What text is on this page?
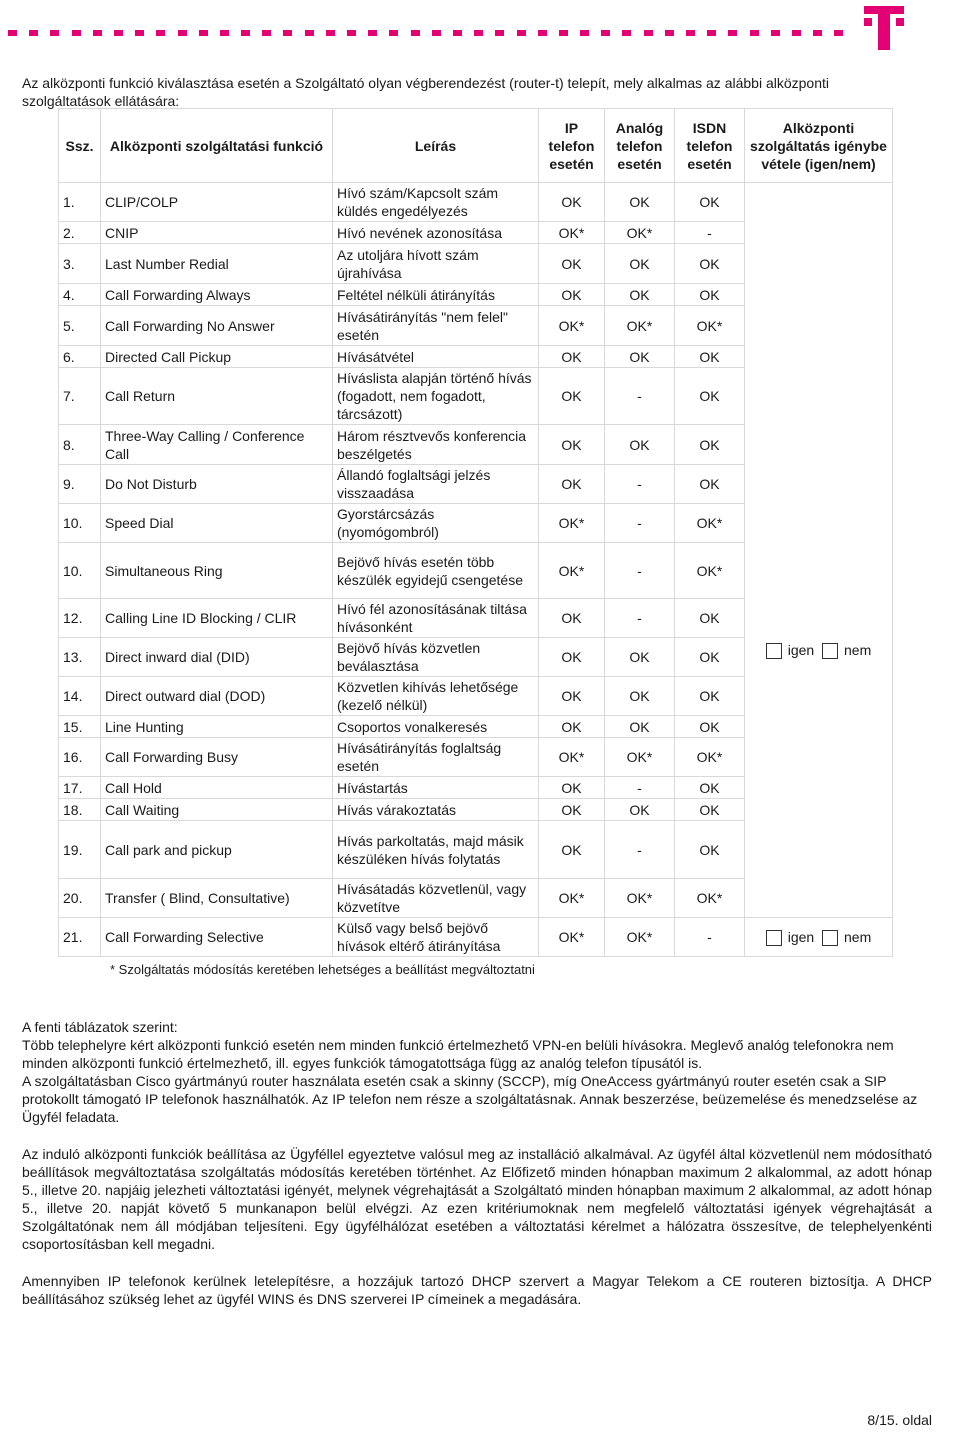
Az alközponti funkció kiválasztása esetén a Szolgáltató olyan végberendezést (router-t) telepít, mely alkalmas az alábbi alközponti szolgáltatások ellátására:
Ssz.	Alközponti szolgáltatási funkció	Leírás	IP telefon esetén	Analóg telefon esetén	ISDN telefon esetén	Alközponti szolgáltatás igénybe vétele (igen/nem)
1.	CLIP/COLP	Hívó szám/Kapcsolt szám küldés engedélyezés	OK	OK	OK	igen nem

2.	CNIP	Hívó nevének azonosítása	OK*	OK*	-	
3.	Last Number Redial	Az utoljára hívott szám újrahívása	OK	OK	OK	
4.	Call Forwarding Always	Feltétel nélküli átirányítás	OK	OK	OK	
5.	Call Forwarding No Answer	Hívásátirányítás "nem felel" esetén	OK*	OK*	OK*	
6.	Directed Call Pickup	Hívásátvétel	OK	OK	OK	
7.	Call Return	Híváslista alapján történő hívás (fogadott, nem fogadott, tárcsázott)	OK	-	OK	
8.	Three-Way Calling / Conference Call	Három résztvevős konferencia beszélgetés	OK	OK	OK	
9.	Do Not Disturb	Állandó foglaltsági jelzés visszaadása	OK	-	OK	
10.	Speed Dial	Gyorstárcsázás (nyomógombról)	OK*	-	OK*	
10.	Simultaneous Ring	Bejövő hívás esetén több készülék egyidejű csengetése	OK*	-	OK*	
12.	Calling Line ID Blocking / CLIR	Hívó fél azonosításának tiltása hívásonként	OK	-	OK	
13.	Direct inward dial (DID)	Bejövő hívás közvetlen beválasztása	OK	OK	OK	
14.	Direct outward dial (DOD)	Közvetlen kihívás lehetősége (kezelő nélkül)	OK	OK	OK	
15.	Line Hunting	Csoportos vonalkeresés	OK	OK	OK	
16.	Call Forwarding Busy	Hívásátirányítás foglaltság esetén	OK*	OK*	OK*	
17.	Call Hold	Hívástartás	OK	-	OK	
18.	Call Waiting	Hívás várakoztatás	OK	OK	OK	
19.	Call park and pickup	Hívás parkoltatás, majd másik készüléken hívás folytatás	OK	-	OK	
20.	Transfer ( Blind, Consultative)	Hívásátadás közvetlenül, vagy közvetítve	OK*	OK*	OK*	
21.	Call Forwarding Selective	Külső vagy belső bejövő hívások eltérő átirányítása	OK*	OK*	-	igen nem
* Szolgáltatás módosítás keretében lehetséges a beállítást megváltoztatni
A fenti táblázatok szerint:
Több telephelyre kért alközponti funkció esetén nem minden funkció értelmezhető VPN-en belüli hívásokra. Meglevő analóg telefonokra nem minden alközponti funkció értelmezhető, ill. egyes funkciók támogatottsága függ az analóg telefon típusától is.
A szolgáltatásban Cisco gyártmányú router használata esetén csak a skinny (SCCP), míg OneAccess gyártmányú router esetén csak a SIP protokollt támogató IP telefonok használhatók. Az IP telefon nem része a szolgáltatásnak. Annak beszerzése, beüzemelése és menedzselése az Ügyfél feladata.
Az induló alközponti funkciók beállítása az Ügyféllel egyeztetve valósul meg az installáció alkalmával. Az ügyfél által közvetlenül nem módosítható beállítások megváltoztatása szolgáltatás módosítás keretében történhet. Az Előfizető minden hónapban maximum 2 alkalommal, az adott hónap 5., illetve 20. napjáig jelezheti változtatási igényét, melynek végrehajtását a Szolgáltató minden hónapban maximum 2 alkalommal, az adott hónap 5., illetve 20. napját követő 5 munkanapon belül elvégzi. Az ezen kritériumoknak nem megfelelő változtatási igények végrehajtását a Szolgáltatónak nem áll módjában teljesíteni. Egy ügyfélhálózat esetében a változtatási kérelmet a hálózatra összesítve, de telephelyenkénti csoportosításban kell megadni.
Amennyiben IP telefonok kerülnek letelepítésre, a hozzájuk tartozó DHCP szervert a Magyar Telekom a CE routeren biztosítja. A DHCP beállításához szükség lehet az ügyfél WINS és DNS szerverei IP címeinek a megadására.
8/15. oldal
